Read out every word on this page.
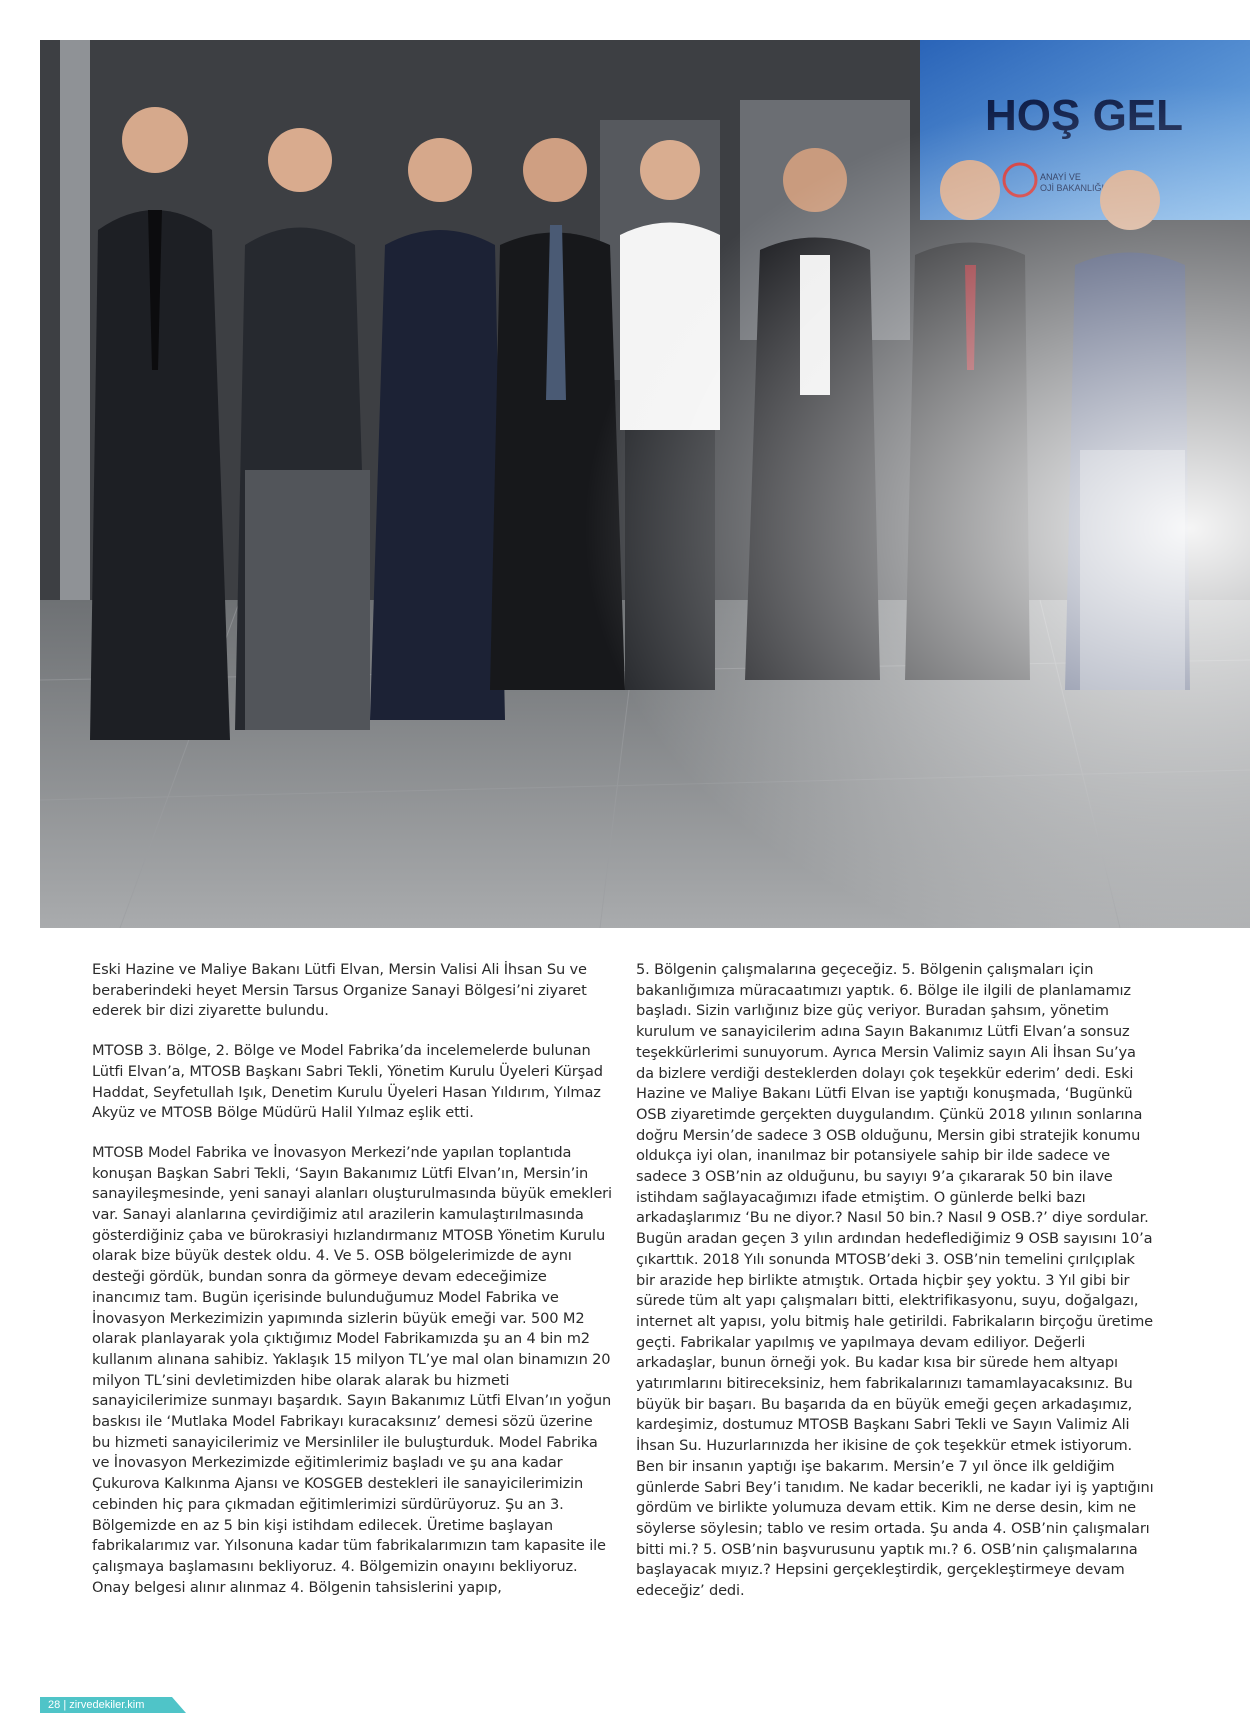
Eski Hazine ve Maliye Bakanı Lütfi Elvan, Mersin Valisi Ali İhsan Su ve beraberindeki heyet Mersin Tarsus Organize Sanayi Bölgesi’ni ziyaret ederek bir dizi ziyarette bulundu.

MTOSB 3. Bölge, 2. Bölge ve Model Fabrika’da incelemelerde bulunan Lütfi Elvan’a, MTOSB Başkanı Sabri Tekli, Yönetim Kurulu Üyeleri Kürşad Haddat, Seyfetullah Işık, Denetim Kurulu Üyeleri Hasan Yıldırım, Yılmaz Akyüz ve MTOSB Bölge Müdürü Halil Yılmaz eşlik etti.

MTOSB Model Fabrika ve İnovasyon Merkezi’nde yapılan toplantıda konuşan Başkan Sabri Tekli, ‘Sayın Bakanımız Lütfi Elvan’ın, Mersin’in sanayileşmesinde, yeni sanayi alanları oluşturulmasında büyük emekleri var. Sanayi alanlarına çevirdiğimiz atıl arazilerin kamulaştırılmasında gösterdiğiniz çaba ve bürokrasiyi hızlandırmanız MTOSB Yönetim Kurulu olarak bize büyük destek oldu. 4. Ve 5. OSB bölgelerimizde de aynı desteği gördük, bundan sonra da görmeye devam edeceğimize inancımız tam. Bugün içerisinde bulunduğumuz Model Fabrika ve İnovasyon Merkezimizin yapımında sizlerin büyük emeği var. 500 M2 olarak planlayarak yola çıktığımız Model Fabrikamızda şu an 4 bin m2 kullanım alınana sahibiz. Yaklaşık 15 milyon TL’ye mal olan binamızın 20 milyon TL’sini devletimizden hibe olarak alarak bu hizmeti sanayicilerimize sunmayı başardık. Sayın Bakanımız Lütfi Elvan’ın yoğun baskısı ile ‘Mutlaka Model Fabrikayı kuracaksınız’ demesi sözü üzerine bu hizmeti sanayicilerimiz ve Mersinliler ile buluşturduk. Model Fabrika ve İnovasyon Merkezimizde eğitimlerimiz başladı ve şu ana kadar Çukurova Kalkınma Ajansı ve KOSGEB destekleri ile sanayicilerimizin cebinden hiç para çıkmadan eğitimlerimizi sürdürüyoruz. Şu an 3. Bölgemizde en az 5 bin kişi istihdam edilecek. Üretime başlayan fabrikalarımız var. Yılsonuna kadar tüm fabrikalarımızın tam kapasite ile çalışmaya başlamasını bekliyoruz. 4. Bölgemizin onayını bekliyoruz. Onay belgesi alınır alınmaz 4. Bölgenin tahsislerini yapıp,

5. Bölgenin çalışmalarına geçeceğiz. 5. Bölgenin çalışmaları için bakanlığımıza müracaatımızı yaptık. 6. Bölge ile ilgili de planlamamız başladı. Sizin varlığınız bize güç veriyor. Buradan şahsım, yönetim kurulum ve sanayicilerim adına Sayın Bakanımız Lütfi Elvan’a sonsuz teşekkürlerimi sunuyorum. Ayrıca Mersin Valimiz sayın Ali İhsan Su’ya da bizlere verdiği desteklerden dolayı çok teşekkür ederim’ dedi. Eski Hazine ve Maliye Bakanı Lütfi Elvan ise yaptığı konuşmada, ‘Bugünkü OSB ziyaretimde gerçekten duygulandım. Çünkü 2018 yılının sonlarına doğru Mersin’de sadece 3 OSB olduğunu, Mersin gibi stratejik konumu oldukça iyi olan, inanılmaz bir potansiyele sahip bir ilde sadece ve sadece 3 OSB’nin az olduğunu, bu sayıyı 9’a çıkararak 50 bin ilave istihdam sağlayacağımızı ifade etmiştim. O günlerde belki bazı arkadaşlarımız ‘Bu ne diyor.? Nasıl 50 bin.? Nasıl 9 OSB.?’ diye sordular. Bugün aradan geçen 3 yılın ardından hedeflediğimiz 9 OSB sayısını 10’a çıkarttık. 2018 Yılı sonunda MTOSB’deki 3. OSB’nin temelini çırılçıplak bir arazide hep birlikte atmıştık. Ortada hiçbir şey yoktu. 3 Yıl gibi bir sürede tüm alt yapı çalışmaları bitti, elektrifikasyonu, suyu, doğalgazı, internet alt yapısı, yolu bitmiş hale getirildi. Fabrikaların birçoğu üretime geçti. Fabrikalar yapılmış ve yapılmaya devam ediliyor. Değerli arkadaşlar, bunun örneği yok. Bu kadar kısa bir sürede hem altyapı yatırımlarını bitireceksiniz, hem fabrikalarınızı tamamlayacaksınız. Bu büyük bir başarı. Bu başarıda da en büyük emeği geçen arkadaşımız, kardeşimiz, dostumuz MTOSB Başkanı Sabri Tekli ve Sayın Valimiz Ali İhsan Su. Huzurlarınızda her ikisine de çok teşekkür etmek istiyorum. Ben bir insanın yaptığı işe bakarım. Mersin’e 7 yıl önce ilk geldiğim günlerde Sabri Bey’i tanıdım. Ne kadar becerikli, ne kadar iyi iş yaptığını gördüm ve birlikte yolumuza devam ettik. Kim ne derse desin, kim ne söylerse söylesin; tablo ve resim ortada. Şu anda 4. OSB’nin çalışmaları bitti mi.? 5. OSB’nin başvurusunu yaptık mı.? 6. OSB’nin çalışmalarına başlayacak mıyız.? Hepsini gerçekleştirdik, gerçekleştirmeye devam edeceğiz’ dedi.

28 | zirvedekiler.kim
